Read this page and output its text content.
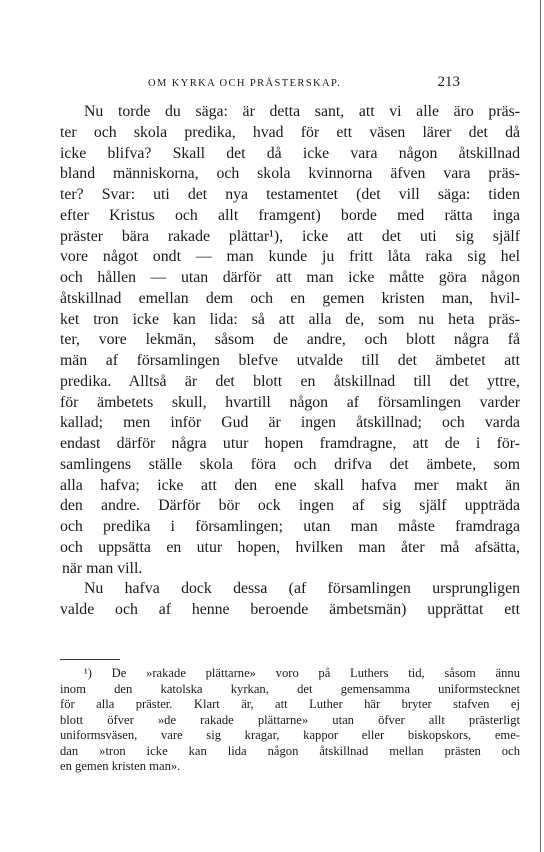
OM KYRKA OCH PRÄSTERSKAP.	213
Nu torde du säga: är detta sant, att vi alle äro präs-
ter och skola predika, hvad för ett väsen lärer det då
icke blifva? Skall det då icke vara någon åtskillnad
bland människorna, och skola kvinnorna äfven vara präs-
ter? Svar: uti det nya testamentet (det vill säga: tiden
efter Kristus och allt framgent) borde med rätta inga
präster bära rakade plättar¹), icke att det uti sig själf
vore något ondt — man kunde ju fritt låta raka sig hel
och hållen — utan därför att man icke måtte göra någon
åtskillnad emellan dem och en gemen kristen man, hvil-
ket tron icke kan lida: så att alla de, som nu heta präs-
ter, vore lekmän, såsom de andre, och blott några få
män af församlingen blefve utvalde till det ämbetet att
predika. Alltså är det blott en åtskillnad till det yttre,
för ämbetets skull, hvartill någon af församlingen varder
kallad; men inför Gud är ingen åtskillnad; och varda
endast därför några utur hopen framdragne, att de i för-
samlingens ställe skola föra och drifva det ämbete, som
alla hafva; icke att den ene skall hafva mer makt än
den andre. Därför bör ock ingen af sig själf uppträda
och predika i församlingen; utan man måste framdraga
och uppsätta en utur hopen, hvilken man åter må afsätta,
när man vill.
Nu hafva dock dessa (af församlingen ursprungligen
valde och af henne beroende ämbetsmän) upprättat ett
¹) De »rakade plättarne» voro på Luthers tid, såsom ännu
inom den katolska kyrkan, det gemensamma uniformstecknet
för alla präster. Klart är, att Luther här bryter stafven ej
blott öfver »de rakade plättarne» utan öfver allt prästerligt
uniformsväsen, vare sig kragar, kappor eller biskopskors, eme-
dan »tron icke kan lida någon åtskillnad mellan prästen och
en gemen kristen man».
